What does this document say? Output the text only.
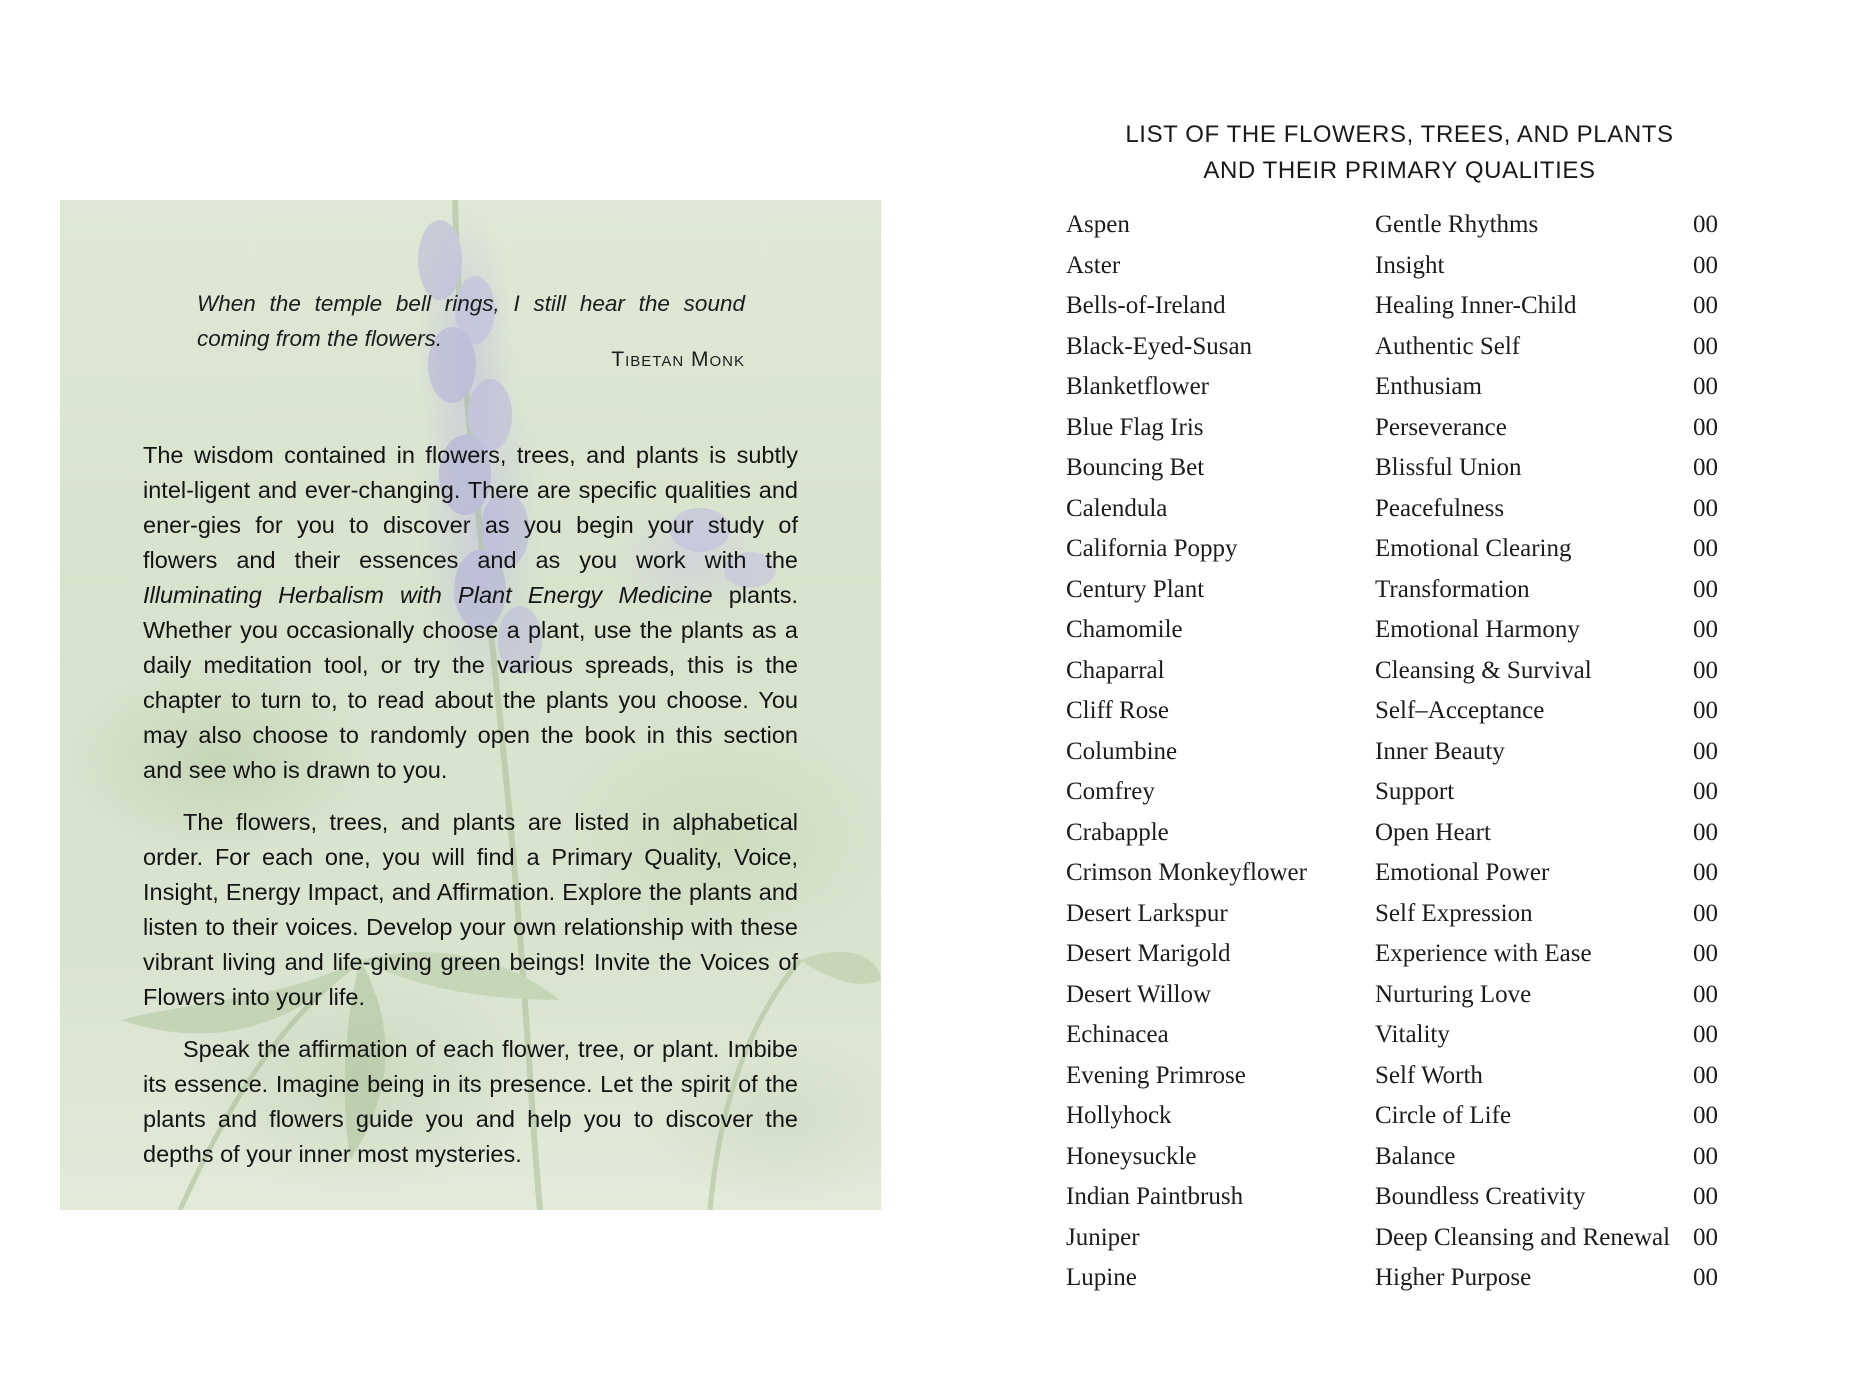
When the temple bell rings, I still hear the sound coming from the flowers.
Tibetan Monk

The wisdom contained in flowers, trees, and plants is subtly intel-ligent and ever-changing. There are specific qualities and ener-gies for you to discover as you begin your study of flowers and their essences and as you work with the Illuminating Herbalism with Plant Energy Medicine plants. Whether you occasionally choose a plant, use the plants as a daily meditation tool, or try the various spreads, this is the chapter to turn to, to read about the plants you choose. You may also choose to randomly open the book in this section and see who is drawn to you.

The flowers, trees, and plants are listed in alphabetical order. For each one, you will find a Primary Quality, Voice, Insight, Energy Impact, and Affirmation. Explore the plants and listen to their voices. Develop your own relationship with these vibrant living and life-giving green beings! Invite the Voices of Flowers into your life.

Speak the affirmation of each flower, tree, or plant. Imbibe its essence. Imagine being in its presence. Let the spirit of the plants and flowers guide you and help you to discover the depths of your inner most mysteries.

LIST OF THE FLOWERS, TREES, AND PLANTS
AND THEIR PRIMARY QUALITIES
Aspen	Gentle Rhythms	00
Aster	Insight	00
Bells-of-Ireland	Healing Inner-Child	00
Black-Eyed-Susan	Authentic Self	00
Blanketflower	Enthusiam	00
Blue Flag Iris	Perseverance	00
Bouncing Bet	Blissful Union	00
Calendula	Peacefulness	00
California Poppy	Emotional Clearing	00
Century Plant	Transformation	00
Chamomile	Emotional Harmony	00
Chaparral	Cleansing & Survival	00
Cliff Rose	Self–Acceptance	00
Columbine	Inner Beauty	00
Comfrey	Support	00
Crabapple	Open Heart	00
Crimson Monkeyflower	Emotional Power	00
Desert Larkspur	Self Expression	00
Desert Marigold	Experience with Ease	00
Desert Willow	Nurturing Love	00
Echinacea	Vitality	00
Evening Primrose	Self Worth	00
Hollyhock	Circle of Life	00
Honeysuckle	Balance	00
Indian Paintbrush	Boundless Creativity	00
Juniper	Deep Cleansing and Renewal 00
Lupine	Higher Purpose	00
